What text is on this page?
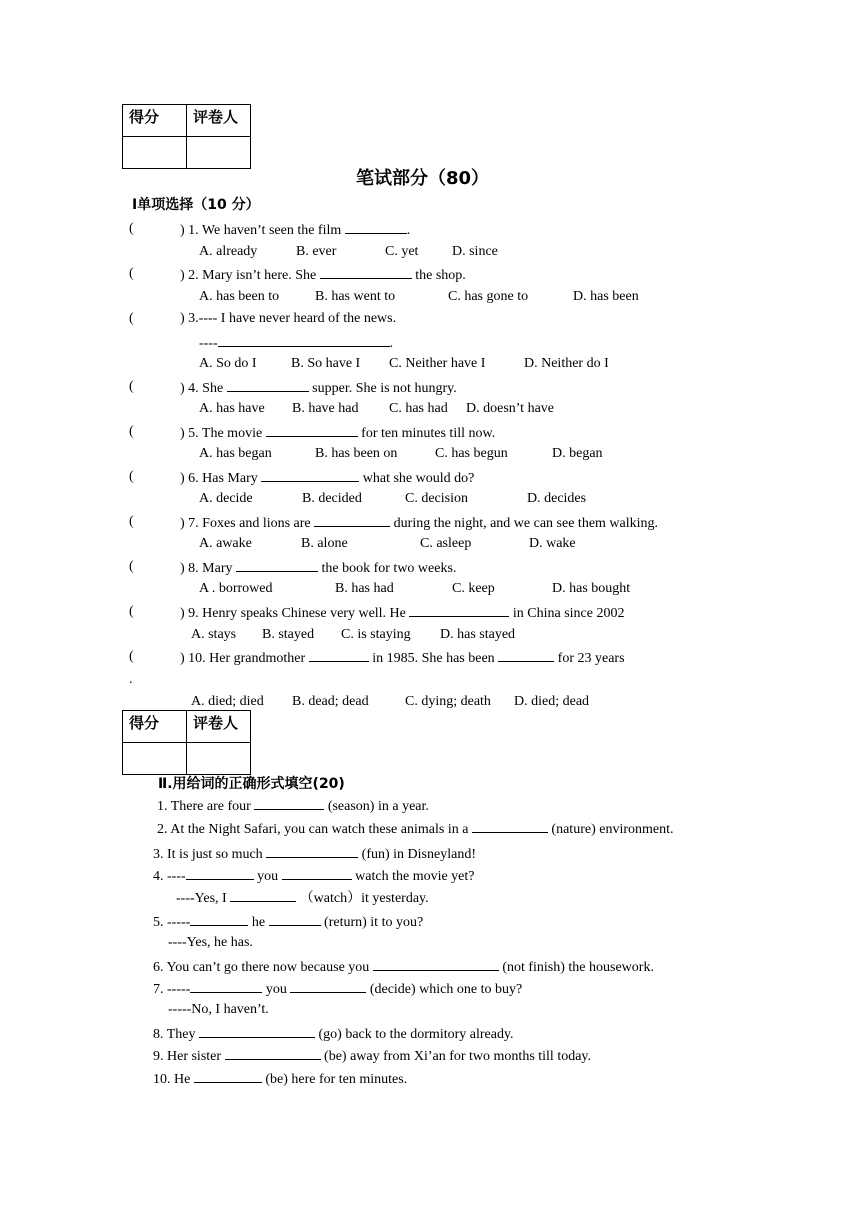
得分	评卷人

笔试部分（80）
Ⅰ单项选择（10 分）
(	) 1. We haven’t seen the film	.
A. already	B. ever	C. yet D. since
(	) 2. Mary isn’t here. She	the shop.
A. has been to	B. has went to	C. has gone to	D. has been
(	) 3.---- I have never heard of the news.
----	.
A. So do I B. So have I C. Neither have I	D. Neither do I
(	) 4. She	supper. She is not hungry.
A. has have B. have had C. has had D. doesn’t have
(	) 5. The movie	for ten minutes till now.
A. has began	B. has been on	C. has begun	D. began
(	) 6. Has Mary	what she would do?
A. decide	B. decided	C. decision	D. decides
(	) 7. Foxes and lions are	during the night, and we can see them walking.
A. awake	B. alone	C. asleep	D. wake
(	) 8. Mary	the book for two weeks.
A . borrowed	B. has had	C. keep	D. has bought
(	) 9. Henry speaks Chinese very well. He	in China since 2002
A. stays B. stayed C. is staying D. has stayed
(	) 10. Her grandmother	in 1985. She has been	for 23 years
.
A. died; died B. dead; dead	C. dying; death D. died; dead
得分	评卷人

Ⅱ.用给词的正确形式填空(20)
1. There are four	(season) in a year.
2. At the Night Safari, you can watch these animals in a	(nature) environment.
3. It is just so much	(fun) in Disneyland!
4. ----	you	watch the movie yet?
----Yes, I	（watch）it yesterday.
5. -----	he	(return) it to you?
----Yes, he has.
6. You can’t go there now because you	(not finish) the housework.
7. -----	you	(decide) which one to buy?
-----No, I haven’t.
8. They	(go) back to the dormitory already.
9. Her sister	(be) away from Xi’an for two months till today.
10. He	(be) here for ten minutes.
